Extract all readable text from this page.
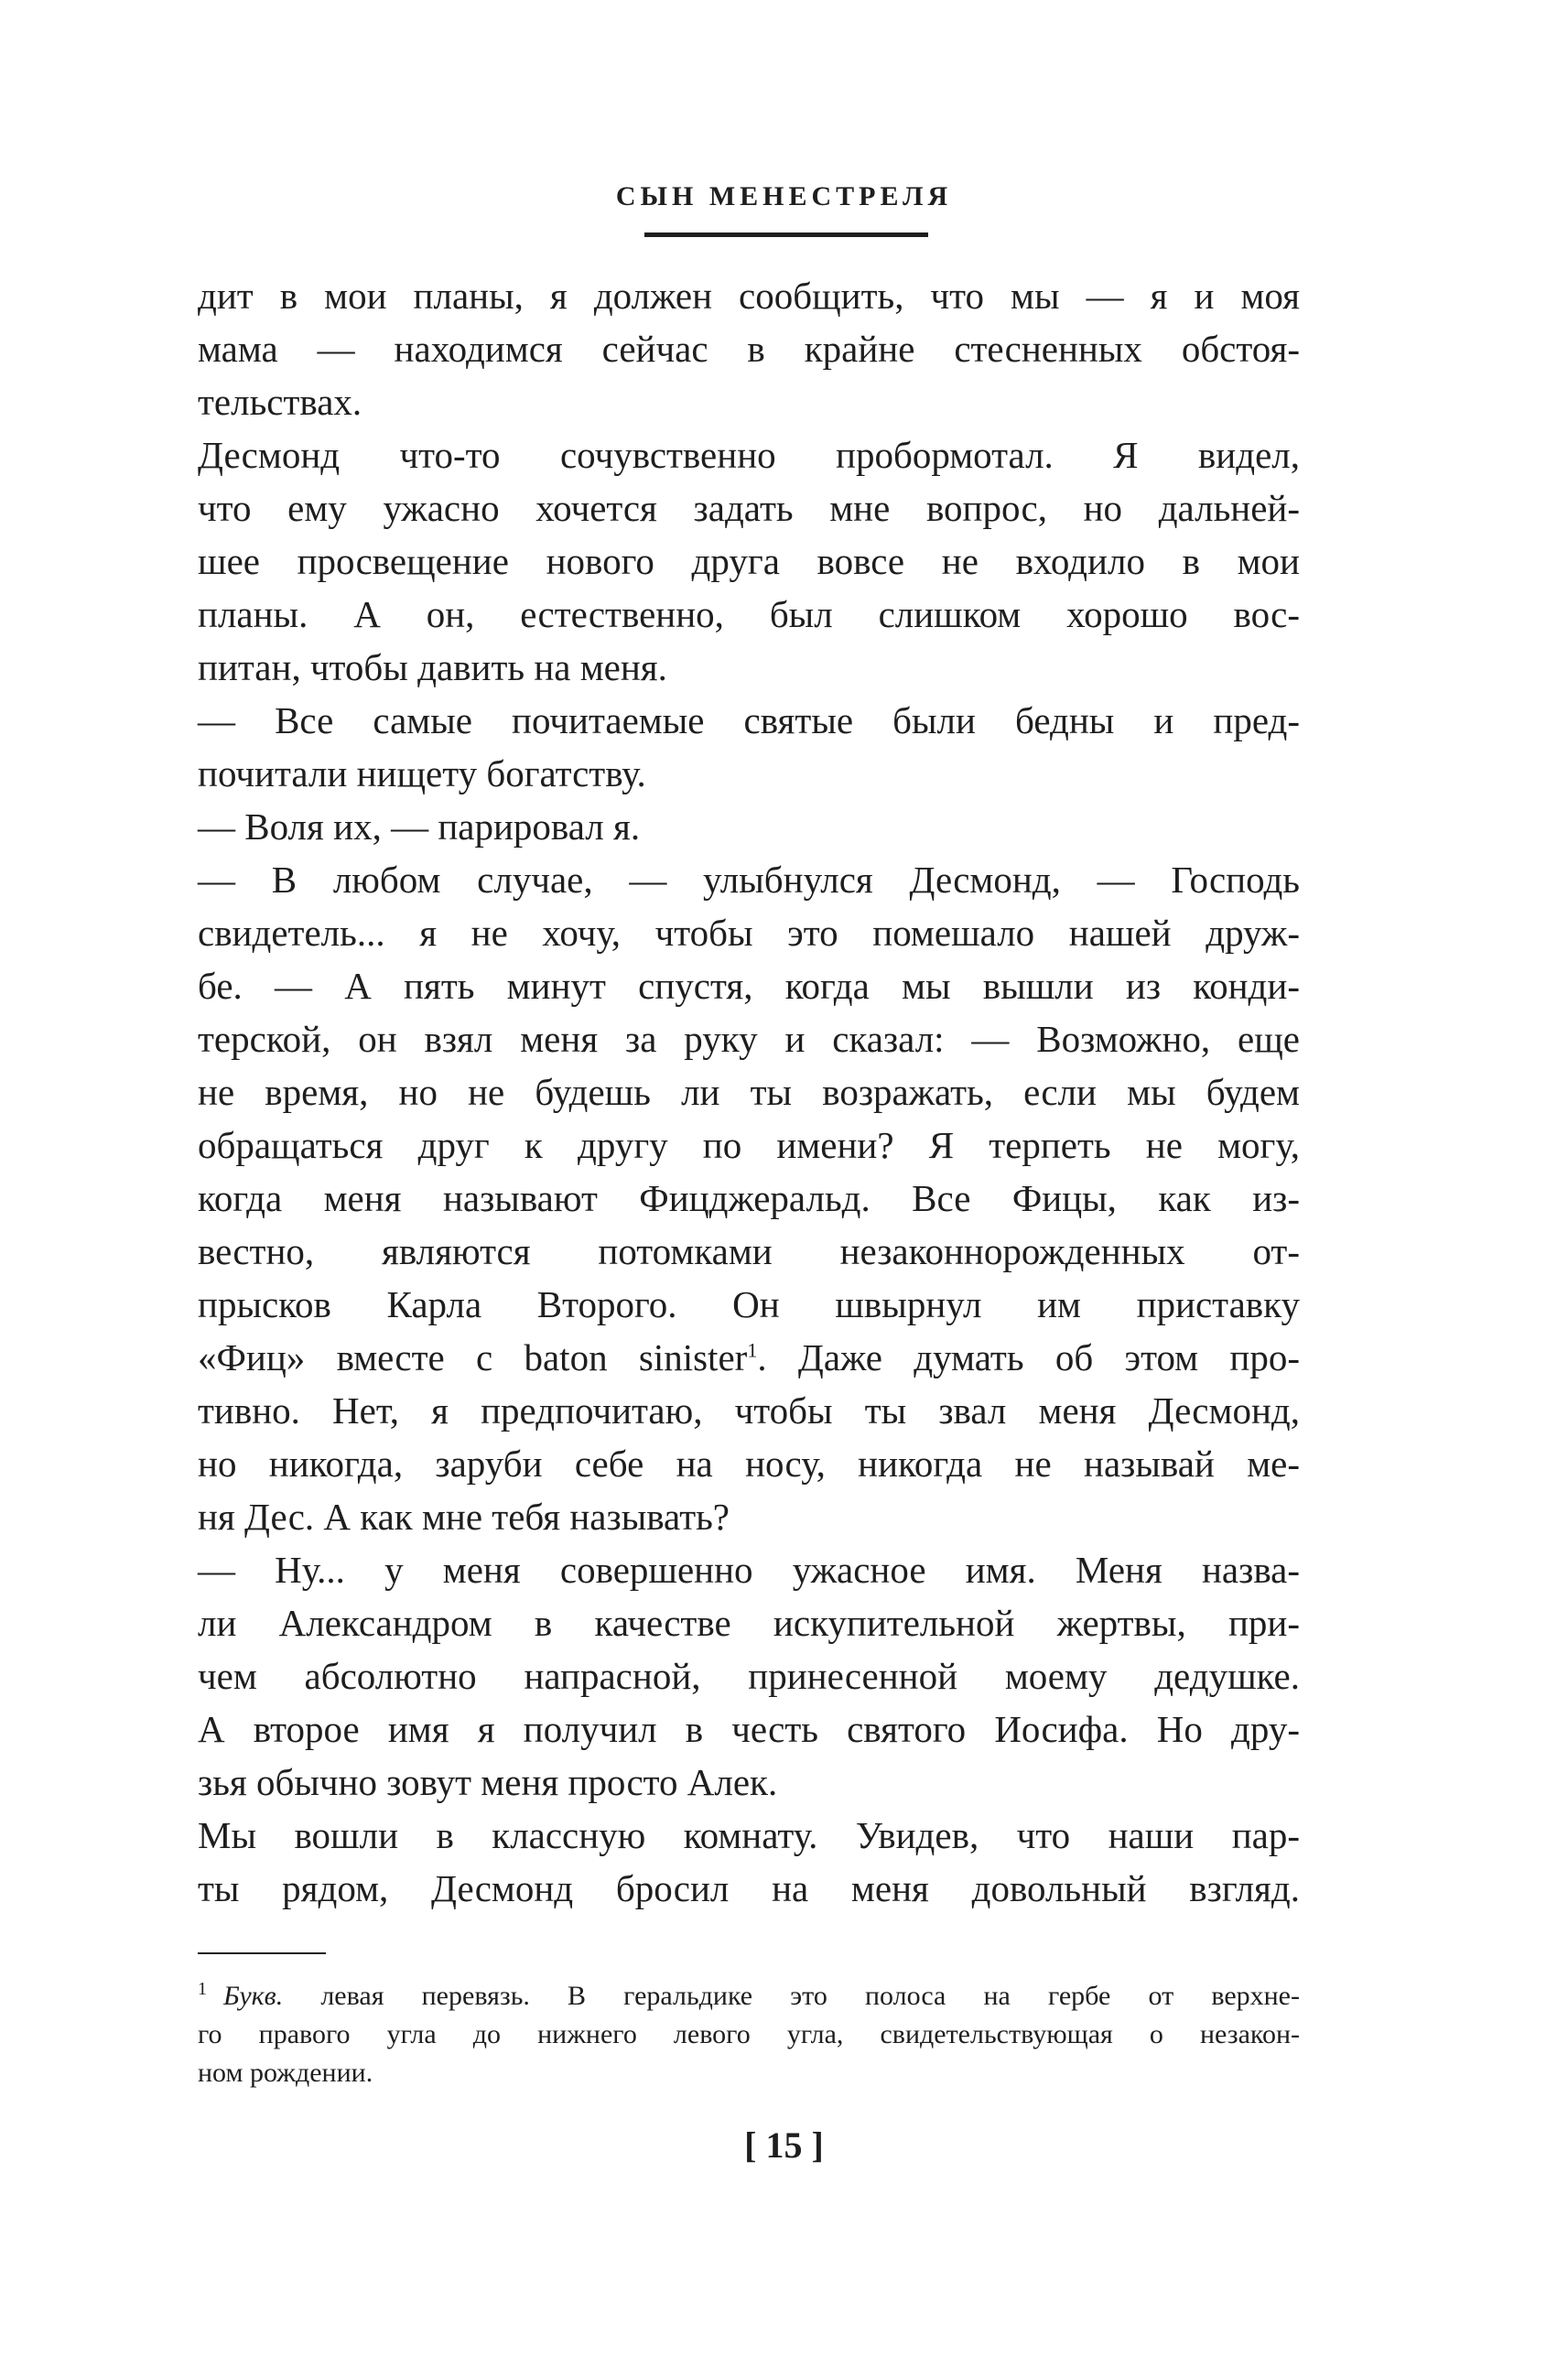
СЫН МЕНЕСТРЕЛЯ

дит в мои планы, я должен сообщить, что мы — я и моя

мама — находимся сейчас в крайне стесненных обстоя-

тельствах.

Десмонд что-то сочувственно пробормотал. Я видел,

что ему ужасно хочется задать мне вопрос, но дальней-

шее просвещение нового друга вовсе не входило в мои

планы. А он, естественно, был слишком хорошо вос-

питан, чтобы давить на меня.

— Все самые почитаемые святые были бедны и пред-

почитали нищету богатству.

— Воля их, — парировал я.

— В любом случае, — улыбнулся Десмонд, — Господь

свидетель... я не хочу, чтобы это помешало нашей друж-

бе. — А пять минут спустя, когда мы вышли из конди-

терской, он взял меня за руку и сказал: — Возможно, еще

не время, но не будешь ли ты возражать, если мы будем

обращаться друг к другу по имени? Я терпеть не могу,

когда меня называют Фицджеральд. Все Фицы, как из-

вестно, являются потомками незаконнорожденных от-

прысков Карла Второго. Он швырнул им приставку

«Фиц» вместе с baton sinister$^1$. Даже думать об этом про-

тивно. Нет, я предпочитаю, чтобы ты звал меня Десмонд,

но никогда, заруби себе на носу, никогда не называй ме-

ня Дес. А как мне тебя называть?

— Ну... у меня совершенно ужасное имя. Меня назва-

ли Александром в качестве искупительной жертвы, при-

чем абсолютно напрасной, принесенной моему дедушке.

А второе имя я получил в честь святого Иосифа. Но дру-

зья обычно зовут меня просто Алек.

Мы вошли в классную комнату. Увидев, что наши пар-

ты рядом, Десмонд бросил на меня довольный взгляд.

$^1$ Букв. левая перевязь. В геральдике это полоса на гербе от верхне-

го правого угла до нижнего левого угла, свидетельствующая о незакон-

ном рождении.

[ 15 ]
